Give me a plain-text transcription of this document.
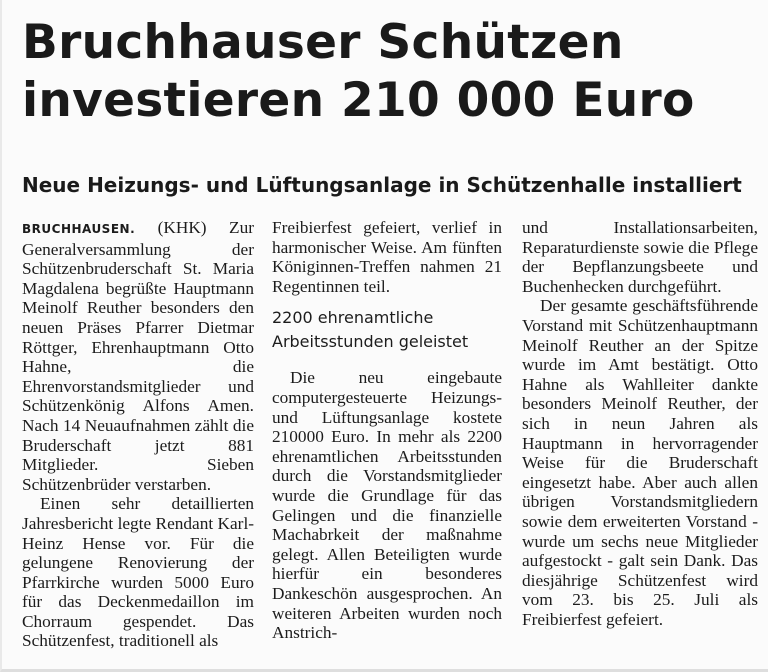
Bruchhauser Schützen
investieren 210 000 Euro
Neue Heizungs- und Lüftungsanlage in Schützenhalle installiert

BRUCHHAUSEN. (KHK) Zur Generalversammlung der Schützenbruderschaft St. Maria Magdalena begrüßte Hauptmann Meinolf Reuther besonders den neuen Präses Pfarrer Dietmar Röttger, Ehrenhauptmann Otto Hahne, die Ehrenvorstandsmitglieder und Schützenkönig Alfons Amen. Nach 14 Neuaufnahmen zählt die Bruderschaft jetzt 881 Mitglieder. Sieben Schützenbrüder verstarben.

Einen sehr detaillierten Jahresbericht legte Rendant Karl-Heinz Hense vor. Für die gelungene Renovierung der Pfarrkirche wurden 5000 Euro für das Deckenmedaillon im Chorraum gespendet. Das Schützenfest, traditionell als

Freibierfest gefeiert, verlief in harmonischer Weise. Am fünften Königinnen-Treffen nahmen 21 Regentinnen teil.

2200 ehrenamtliche
Arbeitsstunden geleistet

Die neu eingebaute computergesteuerte Heizungs- und Lüftungsanlage kostete 210000 Euro. In mehr als 2200 ehrenamtlichen Arbeitsstunden durch die Vorstandsmitglieder wurde die Grundlage für das Gelingen und die finanzielle Machabrkeit der maßnahme gelegt. Allen Beteiligten wurde hierfür ein besonderes Dankeschön ausgesprochen. An weiteren Arbeiten wurden noch Anstrich-

und Installationsarbeiten, Reparaturdienste sowie die Pflege der Bepflanzungsbeete und Buchenhecken durchgeführt.

Der gesamte geschäftsführende Vorstand mit Schützenhauptmann Meinolf Reuther an der Spitze wurde im Amt bestätigt. Otto Hahne als Wahlleiter dankte besonders Meinolf Reuther, der sich in neun Jahren als Hauptmann in hervorragender Weise für die Bruderschaft eingesetzt habe. Aber auch allen übrigen Vorstandsmitgliedern sowie dem erweiterten Vorstand - wurde um sechs neue Mitglieder aufgestockt - galt sein Dank. Das diesjährige Schützenfest wird vom 23. bis 25. Juli als Freibierfest gefeiert.
